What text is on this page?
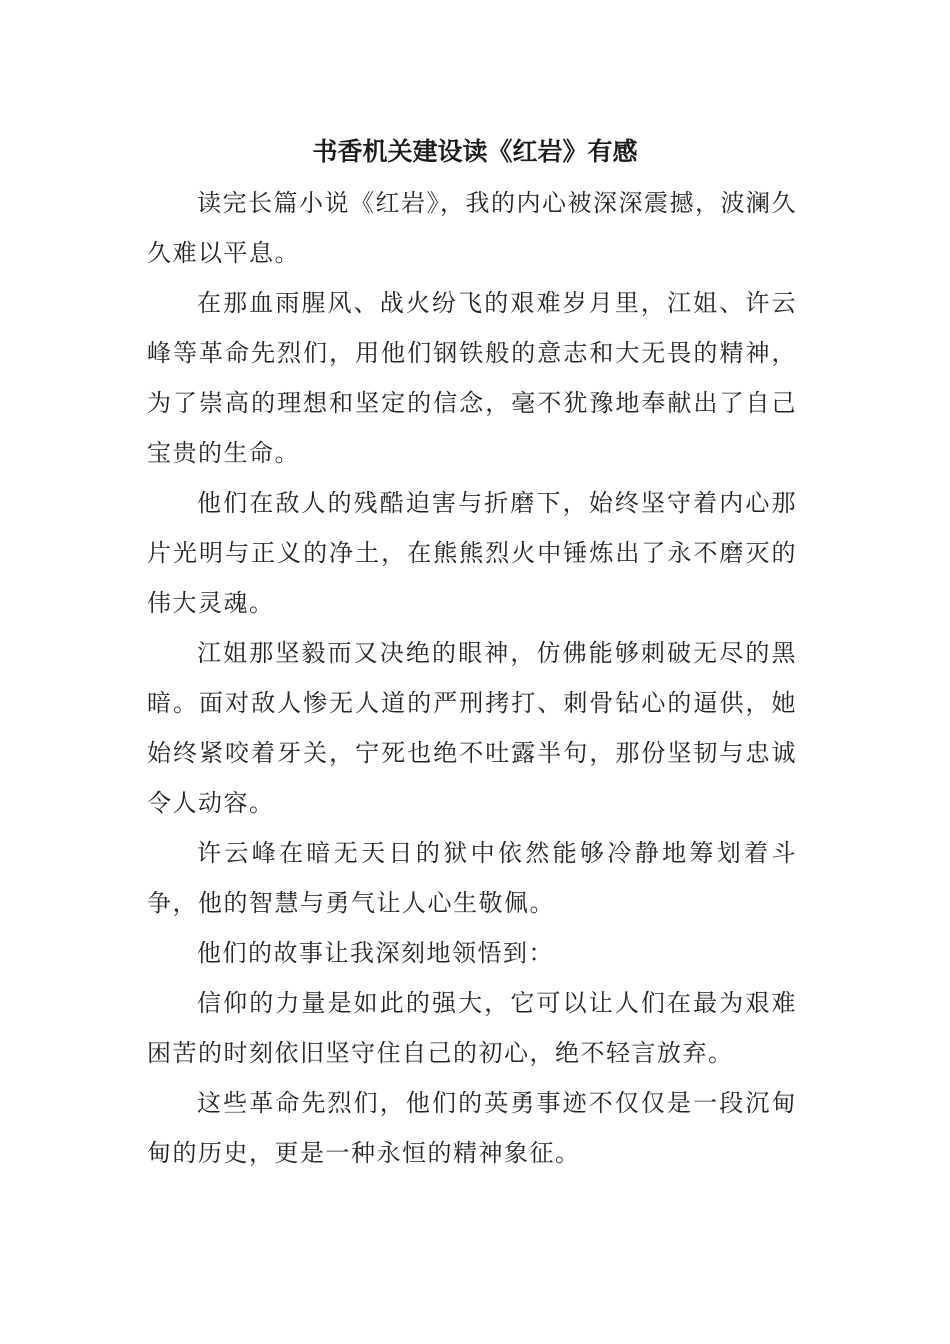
书香机关建设读《红岩》有感

读完长篇小说《红岩》，我的内心被深深震撼，波澜久久难以平息。

在那血雨腥风、战火纷飞的艰难岁月里，江姐、许云峰等革命先烈们，用他们钢铁般的意志和大无畏的精神，为了崇高的理想和坚定的信念，毫不犹豫地奉献出了自己宝贵的生命。

他们在敌人的残酷迫害与折磨下，始终坚守着内心那片光明与正义的净土，在熊熊烈火中锤炼出了永不磨灭的伟大灵魂。

江姐那坚毅而又决绝的眼神，仿佛能够刺破无尽的黑暗。面对敌人惨无人道的严刑拷打、刺骨钻心的逼供，她始终紧咬着牙关，宁死也绝不吐露半句，那份坚韧与忠诚令人动容。

许云峰在暗无天日的狱中依然能够冷静地筹划着斗争，他的智慧与勇气让人心生敬佩。

他们的故事让我深刻地领悟到：

信仰的力量是如此的强大，它可以让人们在最为艰难困苦的时刻依旧坚守住自己的初心，绝不轻言放弃。

这些革命先烈们，他们的英勇事迹不仅仅是一段沉甸甸的历史，更是一种永恒的精神象征。
